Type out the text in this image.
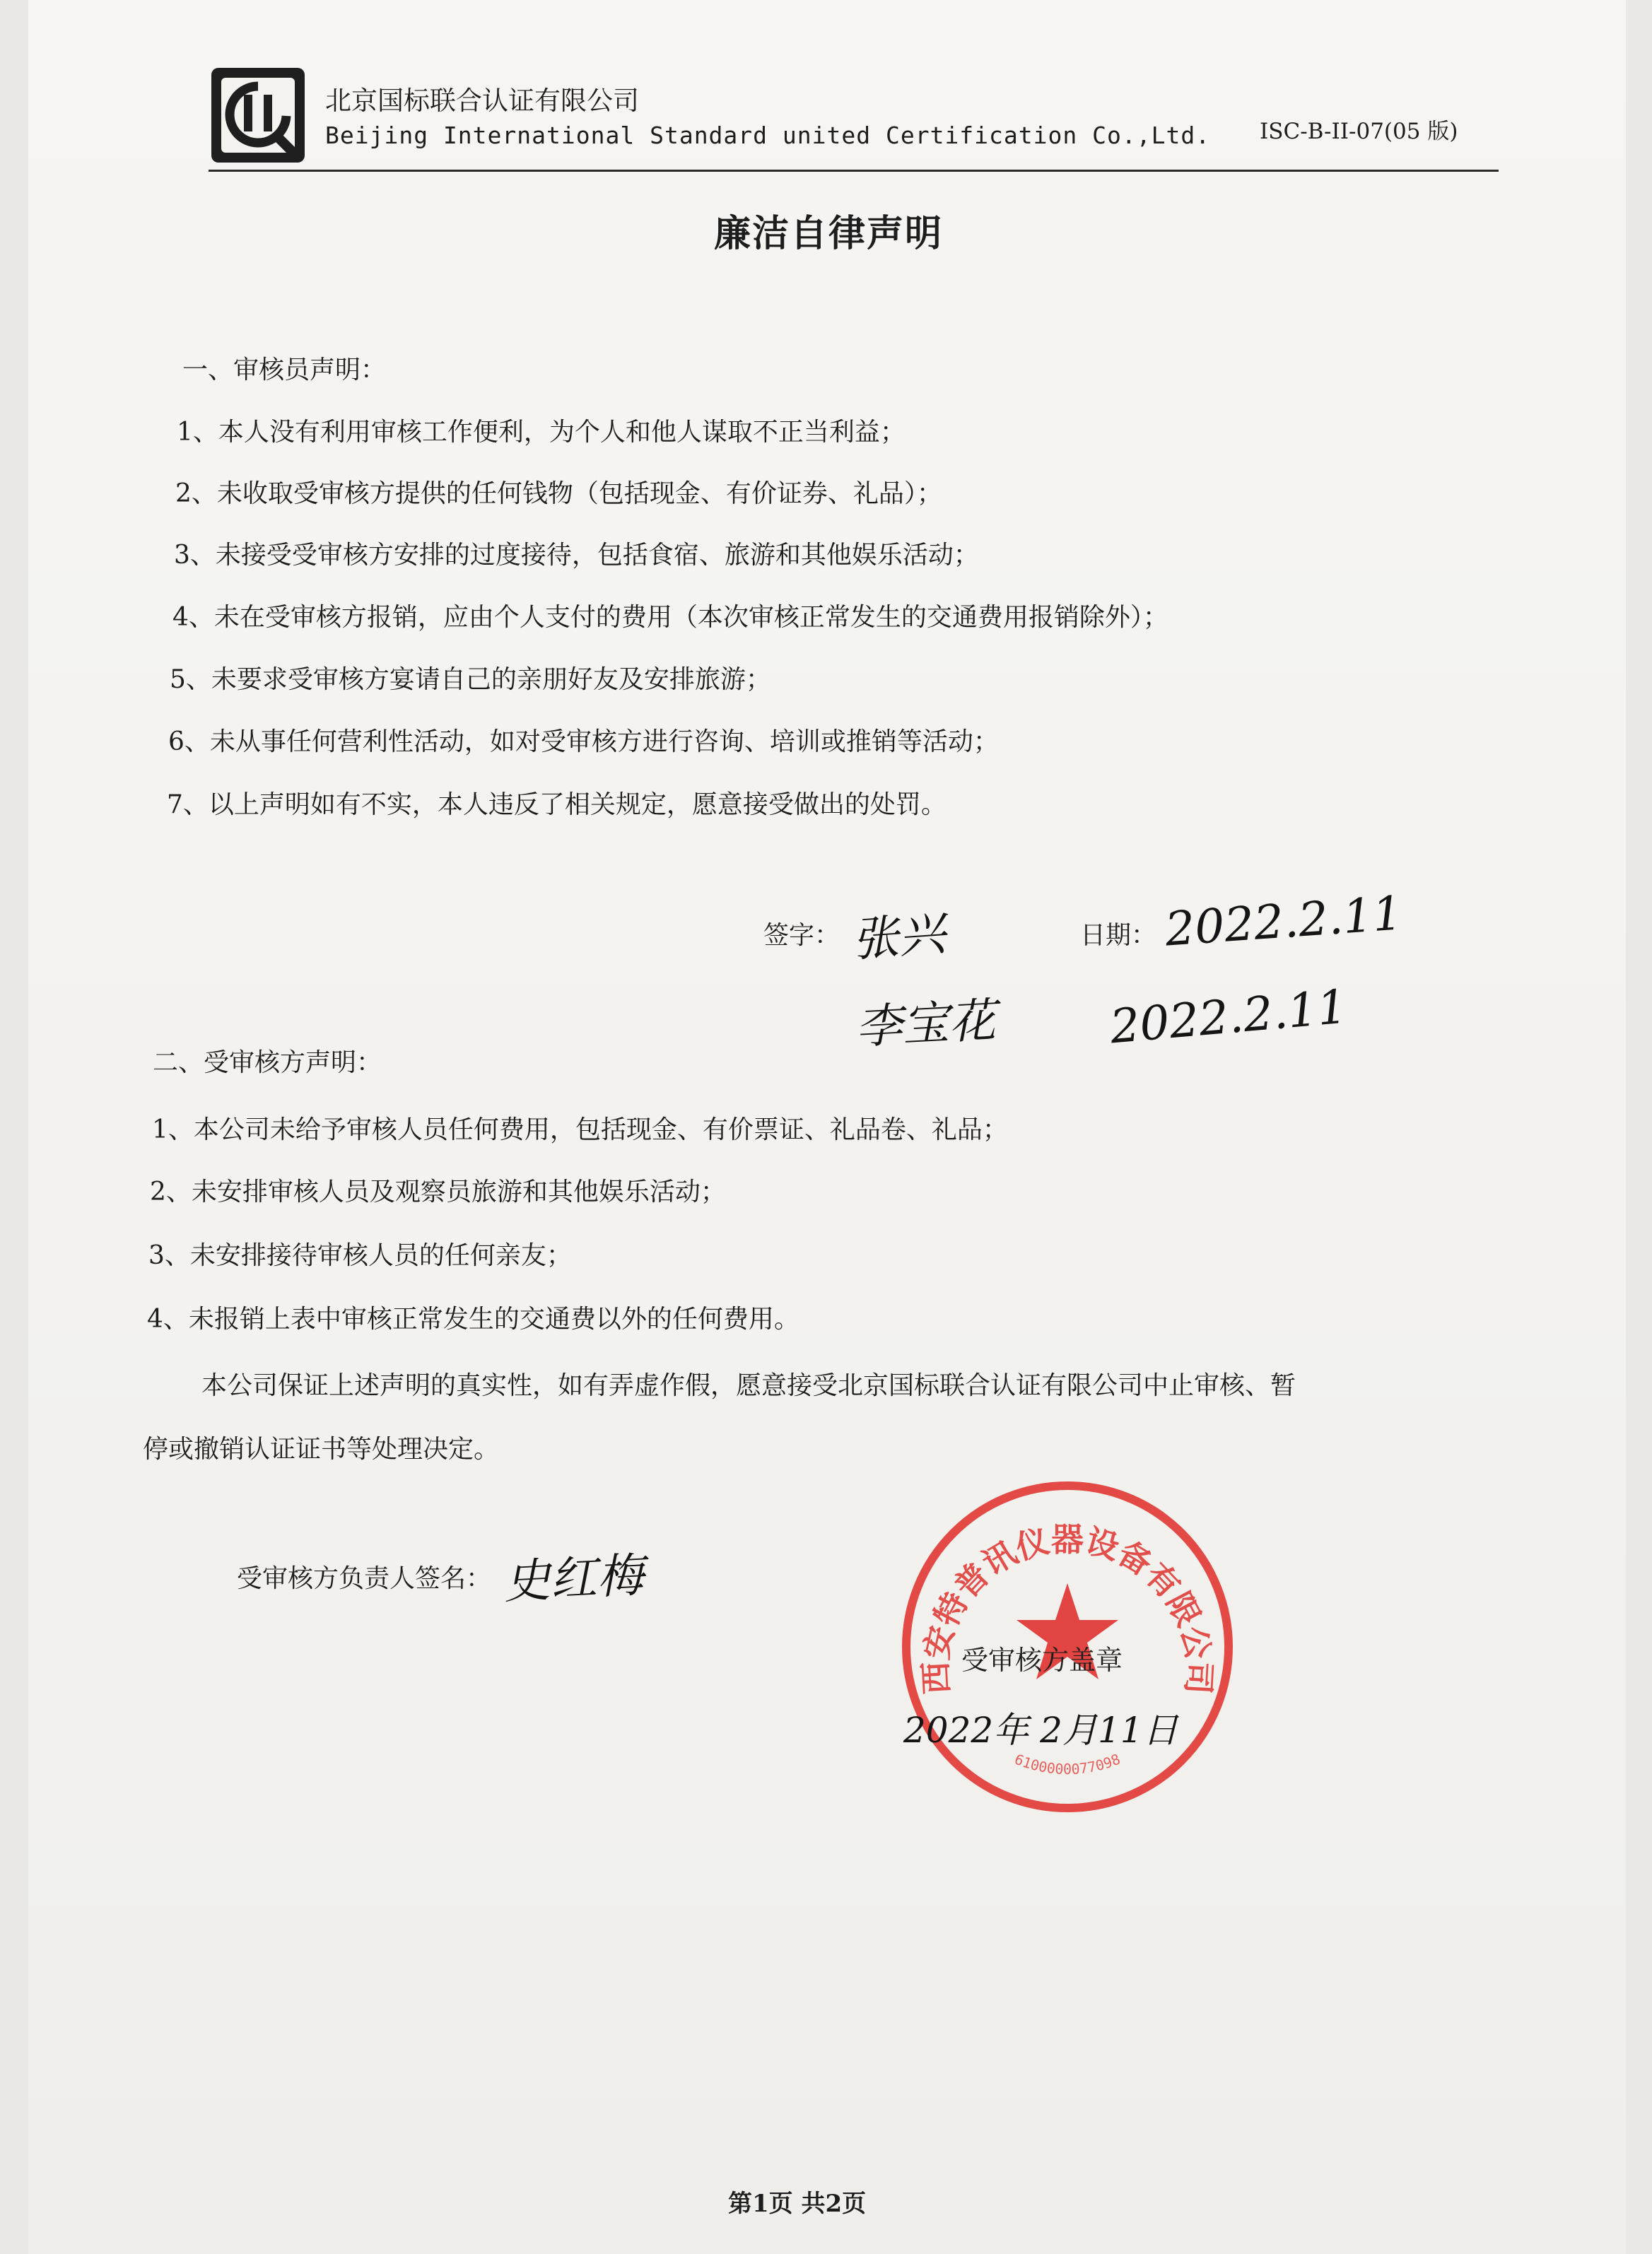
北京国标联合认证有限公司
Beijing International Standard united Certification Co.,Ltd. ISC-B-II-07(05 版)
廉洁自律声明
一、审核员声明：
1、本人没有利用审核工作便利，为个人和他人谋取不正当利益；
2、未收取受审核方提供的任何钱物（包括现金、有价证券、礼品）；
3、未接受受审核方安排的过度接待，包括食宿、旅游和其他娱乐活动；
4、未在受审核方报销，应由个人支付的费用（本次审核正常发生的交通费用报销除外）；
5、未要求受审核方宴请自己的亲朋好友及安排旅游；
6、未从事任何营利性活动，如对受审核方进行咨询、培训或推销等活动；
7、以上声明如有不实，本人违反了相关规定，愿意接受做出的处罚。
签字： 张兴	日期： 2022.2.11
李宝花 2022.2.11
二、受审核方声明：
1、本公司未给予审核人员任何费用，包括现金、有价票证、礼品卷、礼品；
2、未安排审核人员及观察员旅游和其他娱乐活动；
3、未安排接待审核人员的任何亲友；
4、未报销上表中审核正常发生的交通费以外的任何费用。
本公司保证上述声明的真实性，如有弄虚作假，愿意接受北京国标联合认证有限公司中止审核、暂
停或撤销认证证书等处理决定。
受审核方负责人签名： 史红梅
西安特普讯仪器设备有限公司
6100000077098
受审核方盖章
2022年 2月11日
第1页 共2页
